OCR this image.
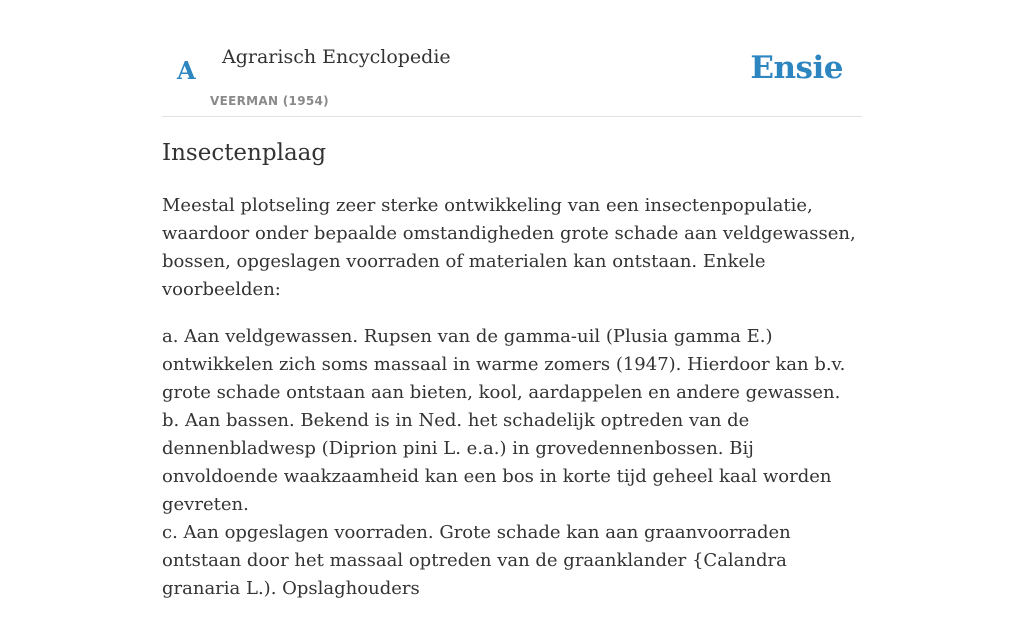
A Agrarisch Encyclopedie
VEERMAN (1954)
Ensie
Insectenplaag

Meestal plotseling zeer sterke ontwikkeling van een insectenpopulatie, waardoor onder bepaalde omstandigheden grote schade aan veldgewassen, bossen, opgeslagen voorraden of materialen kan ontstaan. Enkele voorbeelden:

a. Aan veldgewassen. Rupsen van de gamma-uil (Plusia gamma E.) ontwikkelen zich soms massaal in warme zomers (1947). Hierdoor kan b.v. grote schade ontstaan aan bieten, kool, aardappelen en andere gewassen.
b. Aan bassen. Bekend is in Ned. het schadelijk optreden van de dennenbladwesp (Diprion pini L. e.a.) in grovedennenbossen. Bij onvoldoende waakzaamheid kan een bos in korte tijd geheel kaal worden gevreten.
c. Aan opgeslagen voorraden. Grote schade kan aan graanvoorraden ontstaan door het massaal optreden van de graanklander {Calandra granaria L.). Opslaghouders
